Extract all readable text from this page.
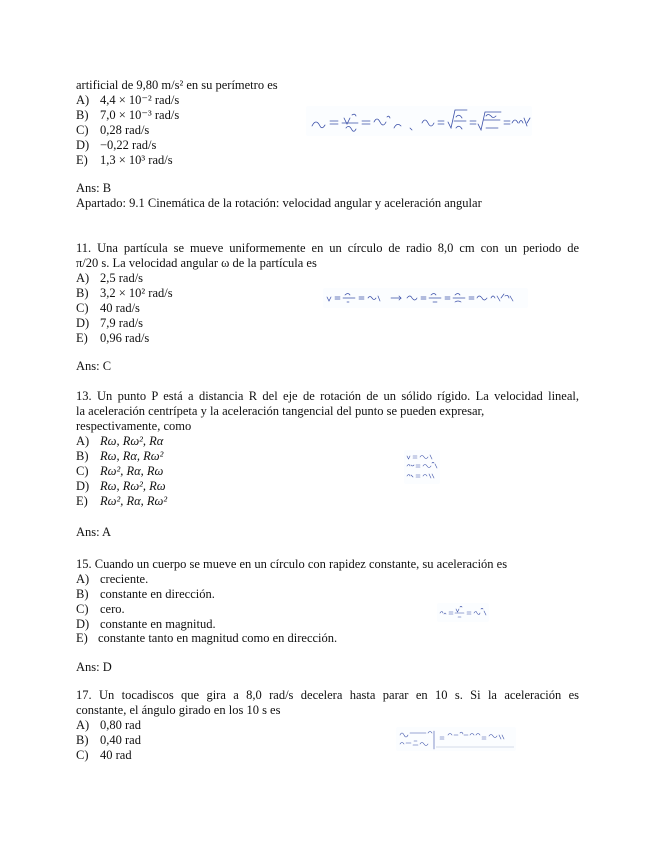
artificial de 9,80 m/s² en su perímetro es
A) 4,4 × 10⁻² rad/s
B) 7,0 × 10⁻³ rad/s
C) 0,28 rad/s
D) −0,22 rad/s
E) 1,3 × 10³ rad/s
Ans: B
Apartado: 9.1 Cinemática de la rotación: velocidad angular y aceleración angular
11. Una partícula se mueve uniformemente en un círculo de radio 8,0 cm con un periodo de
π/20 s. La velocidad angular ω de la partícula es
A) 2,5 rad/s
B) 3,2 × 10² rad/s
C) 40 rad/s
D) 7,9 rad/s
E) 0,96 rad/s
Ans: C
13. Un punto P está a distancia R del eje de rotación de un sólido rígido. La velocidad lineal,
la aceleración centrípeta y la aceleración tangencial del punto se pueden expresar,
respectivamente, como
A) Rω, Rω², Rα
B) Rω, Rα, Rω²
C) Rω², Rα, Rω
D) Rω, Rω², Rω
E) Rω², Rα, Rω²
Ans: A
15. Cuando un cuerpo se mueve en un círculo con rapidez constante, su aceleración es
A) creciente.
B) constante en dirección.
C) cero.
D) constante en magnitud.
E) constante tanto en magnitud como en dirección.
Ans: D
17. Un tocadiscos que gira a 8,0 rad/s decelera hasta parar en 10 s. Si la aceleración es
constante, el ángulo girado en los 10 s es
A) 0,80 rad
B) 0,40 rad
C) 40 rad
